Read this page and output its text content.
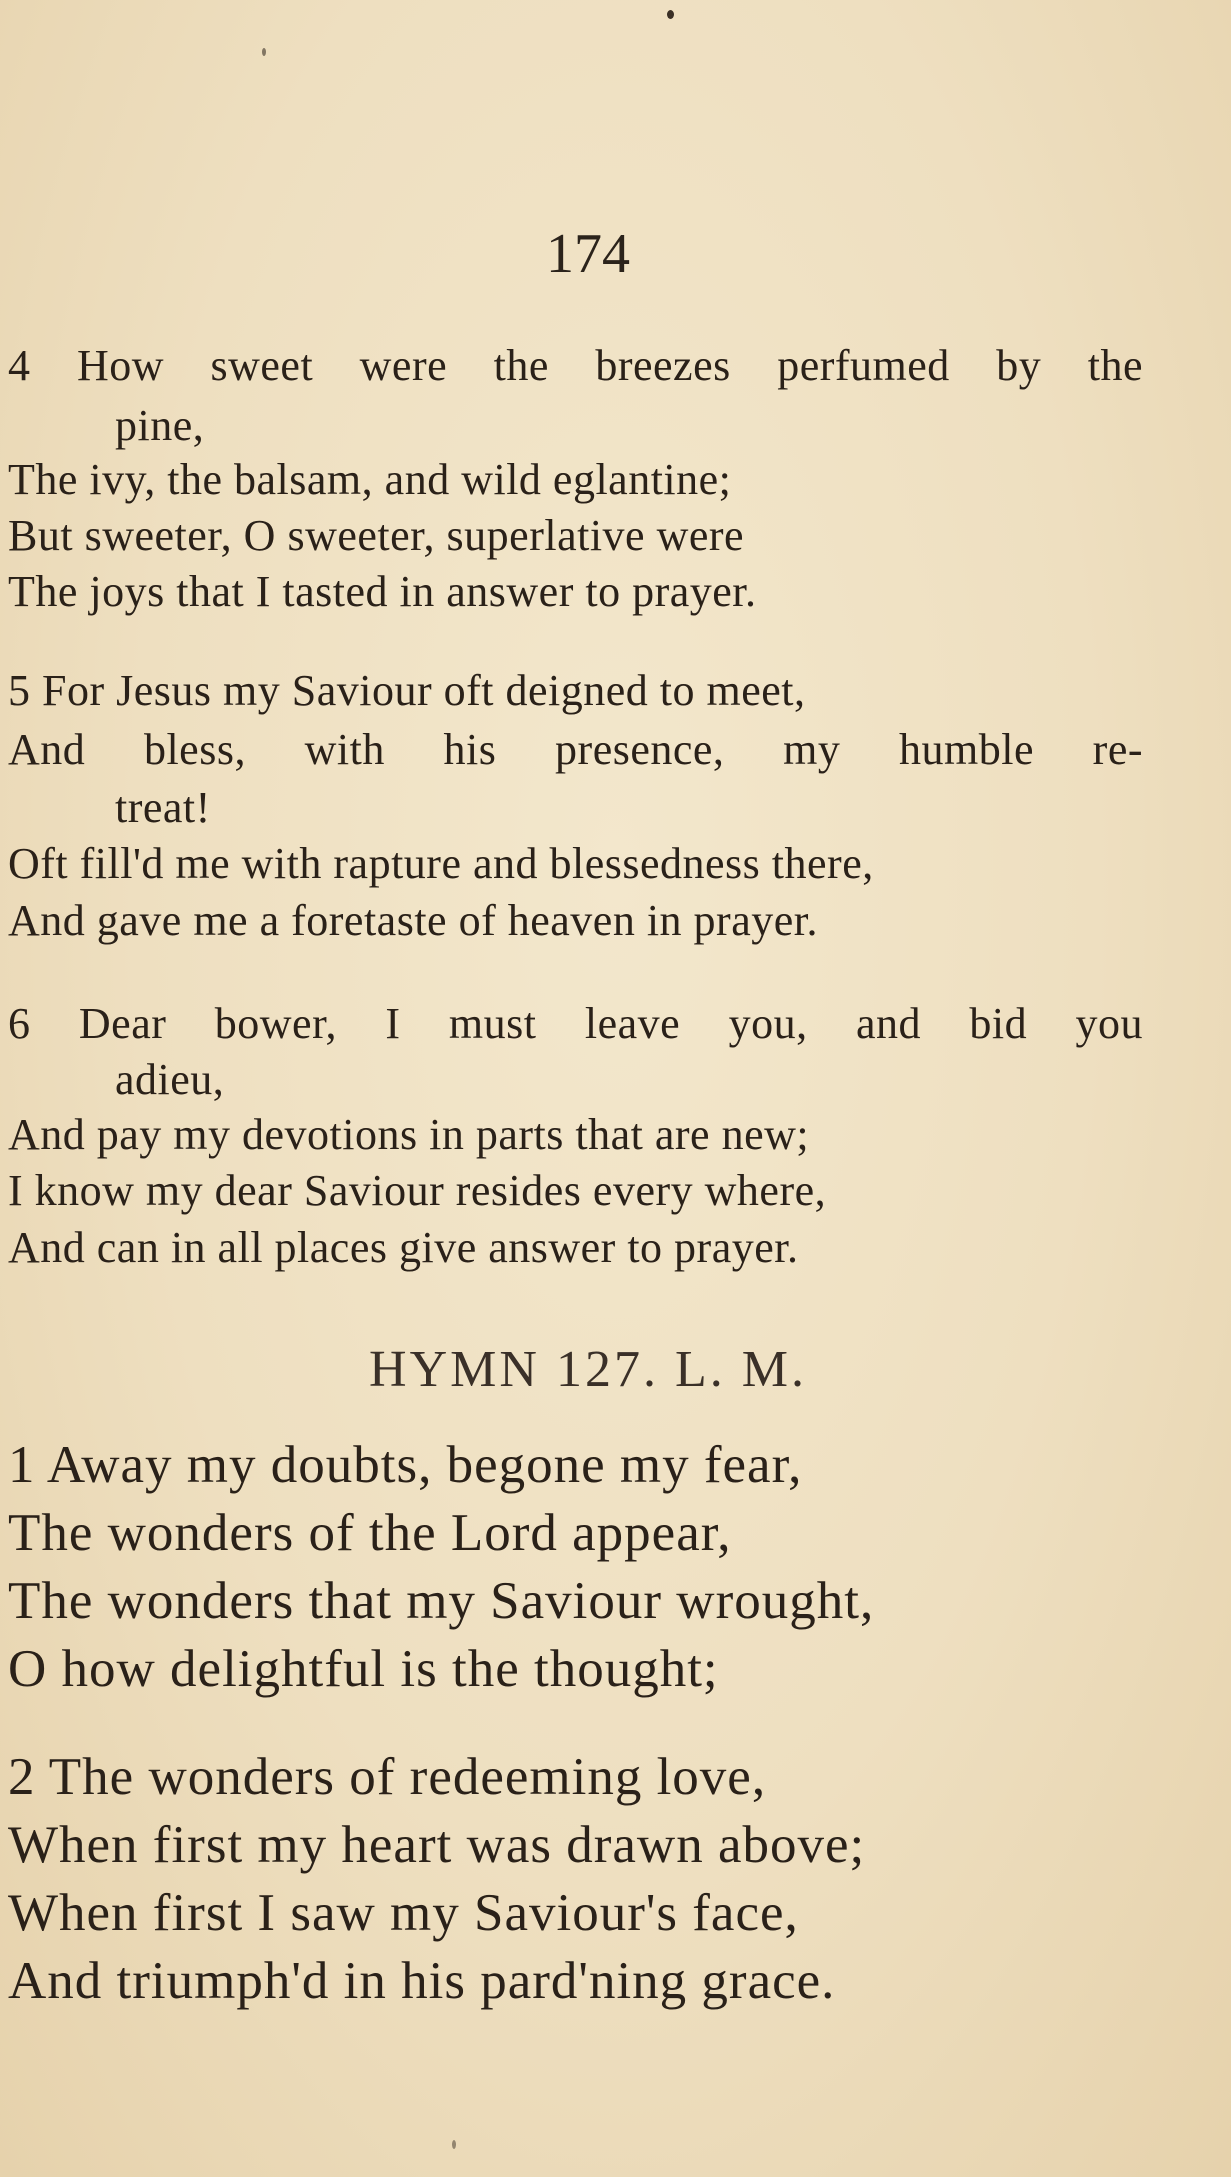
174
4 How sweet were the breezes perfumed by the
pine,
The ivy, the balsam, and wild eglantine;
But sweeter, O sweeter, superlative were
The joys that I tasted in answer to prayer.
5 For Jesus my Saviour oft deigned to meet,
And bless, with his presence, my humble re-
treat!
Oft fill'd me with rapture and blessedness there,
And gave me a foretaste of heaven in prayer.
6 Dear bower, I must leave you, and bid you
adieu,
And pay my devotions in parts that are new;
I know my dear Saviour resides every where,
And can in all places give answer to prayer.
HYMN 127. L. M.
1 Away my doubts, begone my fear,
The wonders of the Lord appear,
The wonders that my Saviour wrought,
O how delightful is the thought;
2 The wonders of redeeming love,
When first my heart was drawn above;
When first I saw my Saviour's face,
And triumph'd in his pard'ning grace.
